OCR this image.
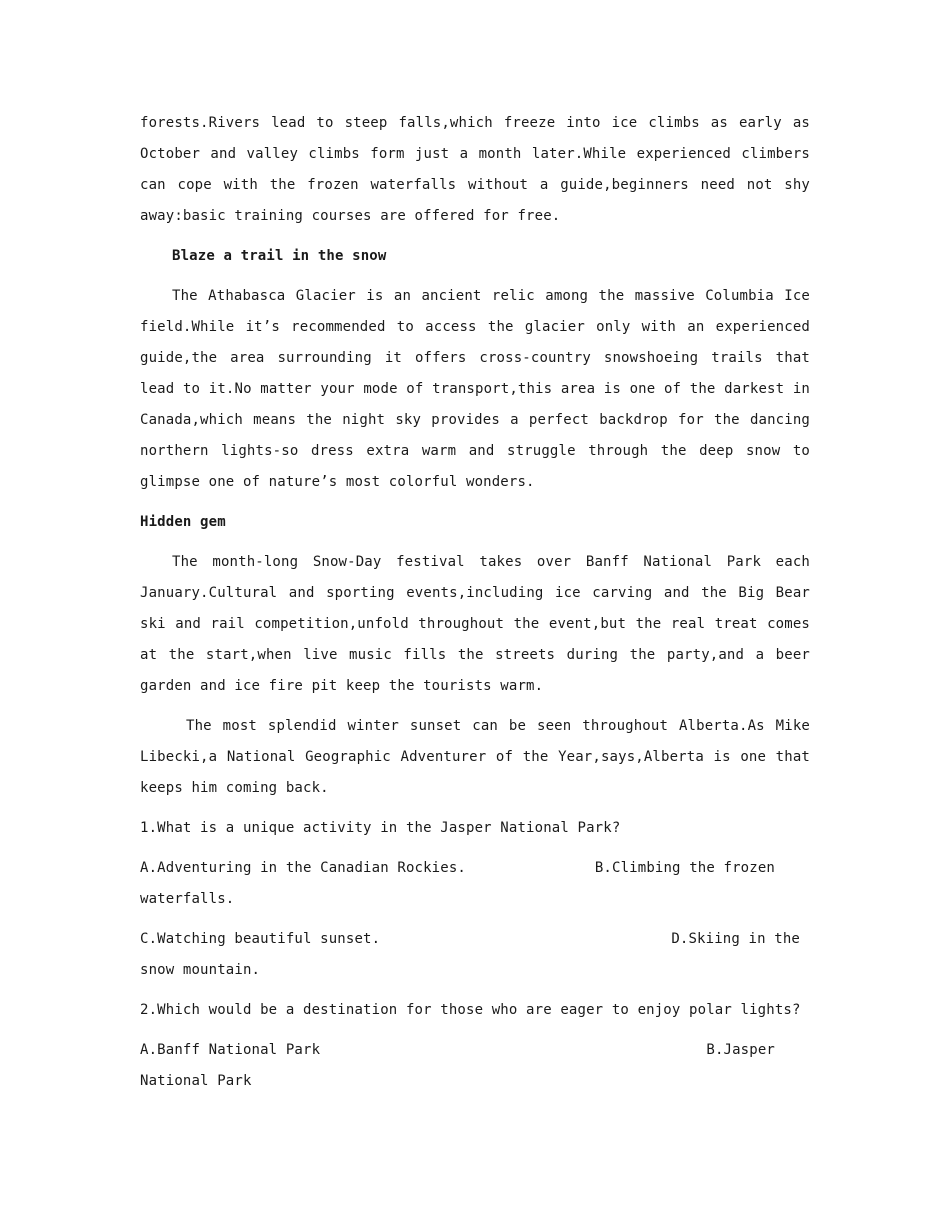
forests.Rivers lead to steep falls,which freeze into ice climbs as early as October and valley climbs form just a month later.While experienced climbers can cope with the frozen waterfalls without a guide,beginners need not shy away:basic training courses are offered for free.

Blaze a trail in the snow

The Athabasca Glacier is an ancient relic among the massive Columbia Ice field.While it’s recommended to access the glacier only with an experienced guide,the area surrounding it offers cross-country snowshoeing trails that lead to it.No matter your mode of transport,this area is one of the darkest in Canada,which means the night sky provides a perfect backdrop for the dancing northern lights-so dress extra warm and struggle through the deep snow to glimpse one of nature’s most colorful wonders.

Hidden gem

The month-long Snow-Day festival takes over Banff National Park each January.Cultural and sporting events,including ice carving and the Big Bear ski and rail competition,unfold throughout the event,but the real treat comes at the start,when live music fills the streets during the party,and a beer garden and ice fire pit keep the tourists warm.

The most splendid winter sunset can be seen throughout Alberta.As Mike Libecki,a National Geographic Adventurer of the Year,says,Alberta is one that keeps him coming back.

1.What is a unique activity in the Jasper National Park?

A.Adventuring in the Canadian Rockies.	B.Climbing the frozen

waterfalls.

C.Watching beautiful sunset.	D.Skiing in the

snow mountain.

2.Which would be a destination for those who are eager to enjoy polar lights?

A.Banff National Park	B.Jasper

National Park
